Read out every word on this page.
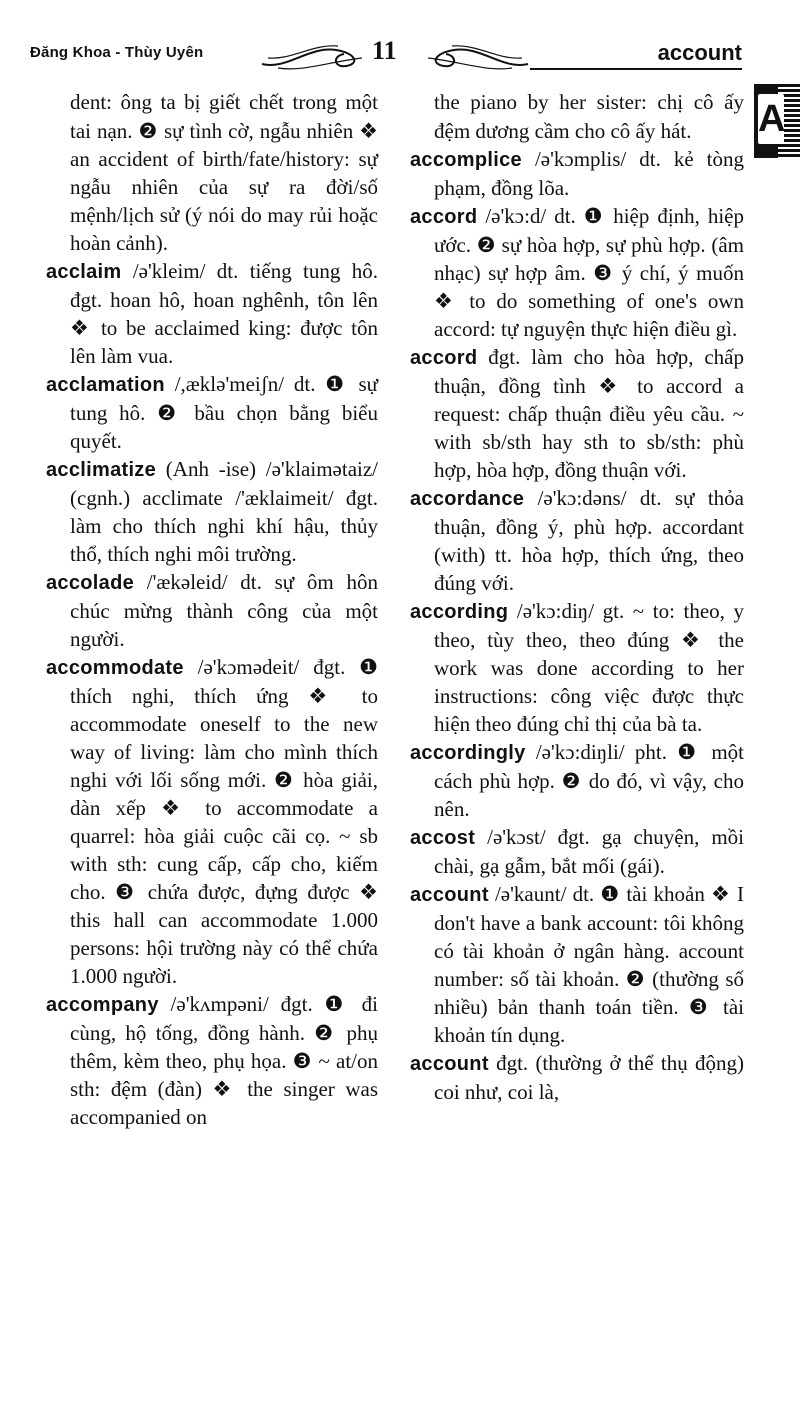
Đăng Khoa - Thùy Uyên	11	account
A

dent: ông ta bị giết chết trong một tai nạn. ❷ sự tình cờ, ngẫu nhiên ❖ an accident of birth/fate/history: sự ngẫu nhiên của sự ra đời/số mệnh/lịch sử (ý nói do may rủi hoặc hoàn cảnh).

acclaim /ə'kleim/ dt. tiếng tung hô. đgt. hoan hô, hoan nghênh, tôn lên ❖ to be acclaimed king: được tôn lên làm vua.

acclamation /,æklə'meiʃn/ dt. ❶ sự tung hô. ❷ bầu chọn bằng biểu quyết.

acclimatize (Anh -ise) /ə'klaimətaiz/ (cgnh.) acclimate /'æklaimeit/ đgt. làm cho thích nghi khí hậu, thủy thổ, thích nghi môi trường.

accolade /'ækəleid/ dt. sự ôm hôn chúc mừng thành công của một người.

accommodate /ə'kɔmədeit/ đgt. ❶ thích nghi, thích ứng ❖ to accommodate oneself to the new way of living: làm cho mình thích nghi với lối sống mới. ❷ hòa giải, dàn xếp ❖ to accommodate a quarrel: hòa giải cuộc cãi cọ. ~ sb with sth: cung cấp, cấp cho, kiếm cho. ❸ chứa được, đựng được ❖ this hall can accommodate 1.000 persons: hội trường này có thể chứa 1.000 người.

accompany /ə'kʌmpəni/ đgt. ❶ đi cùng, hộ tống, đồng hành. ❷ phụ thêm, kèm theo, phụ họa. ❸ ~ at/on sth: đệm (đàn) ❖ the singer was accompanied on

the piano by her sister: chị cô ấy đệm dương cầm cho cô ấy hát.

accomplice /ə'kɔmplis/ dt. kẻ tòng phạm, đồng lõa.

accord /ə'kɔ:d/ dt. ❶ hiệp định, hiệp ước. ❷ sự hòa hợp, sự phù hợp. (âm nhạc) sự hợp âm. ❸ ý chí, ý muốn ❖ to do something of one's own accord: tự nguyện thực hiện điều gì.

accord đgt. làm cho hòa hợp, chấp thuận, đồng tình ❖ to accord a request: chấp thuận điều yêu cầu. ~ with sb/sth hay sth to sb/sth: phù hợp, hòa hợp, đồng thuận với.

accordance /ə'kɔ:dəns/ dt. sự thỏa thuận, đồng ý, phù hợp. accordant (with) tt. hòa hợp, thích ứng, theo đúng với.

according /ə'kɔ:diŋ/ gt. ~ to: theo, y theo, tùy theo, theo đúng ❖ the work was done according to her instructions: công việc được thực hiện theo đúng chỉ thị của bà ta.

accordingly /ə'kɔ:diŋli/ pht. ❶ một cách phù hợp. ❷ do đó, vì vậy, cho nên.

accost /ə'kɔst/ đgt. gạ chuyện, mồi chài, gạ gẫm, bắt mối (gái).

account /ə'kaunt/ dt. ❶ tài khoản ❖ I don't have a bank account: tôi không có tài khoản ở ngân hàng. account number: số tài khoản. ❷ (thường số nhiều) bản thanh toán tiền. ❸ tài khoản tín dụng.

account đgt. (thường ở thể thụ động) coi như, coi là,
